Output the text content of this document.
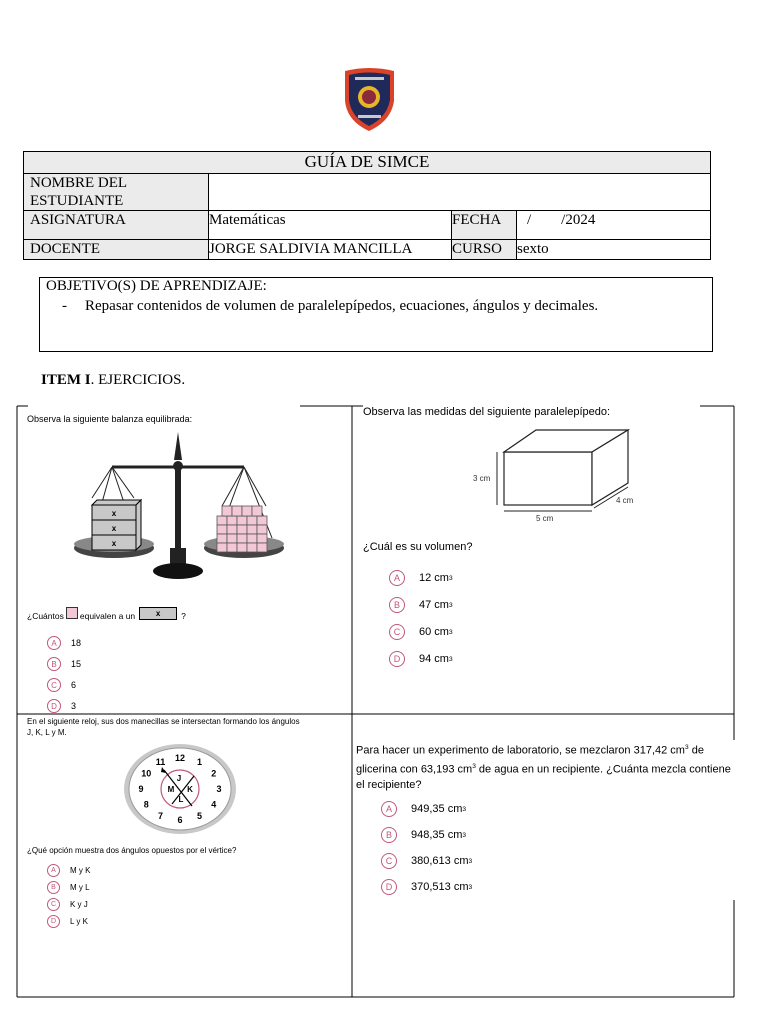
GUÍA DE SIMCE			
NOMBRE DEL ESTUDIANTE			
ASIGNATURA	Matemáticas	FECHA	/        /2024
DOCENTE	JORGE SALDIVIA MANCILLA	CURSO	sexto
OBJETIVO(S) DE APRENDIZAJE:
- Repasar contenidos de volumen de paralelepípedos, ecuaciones, ángulos y decimales.
ITEM I. EJERCICIOS.
Observa la siguiente balanza equilibrada:
x
x
x
¿Cuántos equivalen a un	x	?
A	18
B	15
C	6
D	3
Observa las medidas del siguiente paralelepípedo:
3 cm
5 cm
4 cm
¿Cuál es su volumen?
A	12 cm 3
B	47 cm 3
C	60 cm 3
D	94 cm 3
En el siguiente reloj, sus dos manecillas se intersectan formando los ángulos
J, K, L y M.
12 1
2
3
4
5
6
7
8
9
10
11
J
K
L
M
¿Qué opción muestra dos ángulos opuestos por el vértice?
A	M y K
B	M y L
C	K y J
D	L y K
Para hacer un experimento de laboratorio, se mezclaron 317,42 $cm^3$ de
glicerina con 63,193 $cm^3$ de agua en un recipiente. ¿Cuánta mezcla contiene
el recipiente?
A	949,35 cm 3
B	948,35 cm 3
C	380,613 cm 3
D	370,513 cm 3
